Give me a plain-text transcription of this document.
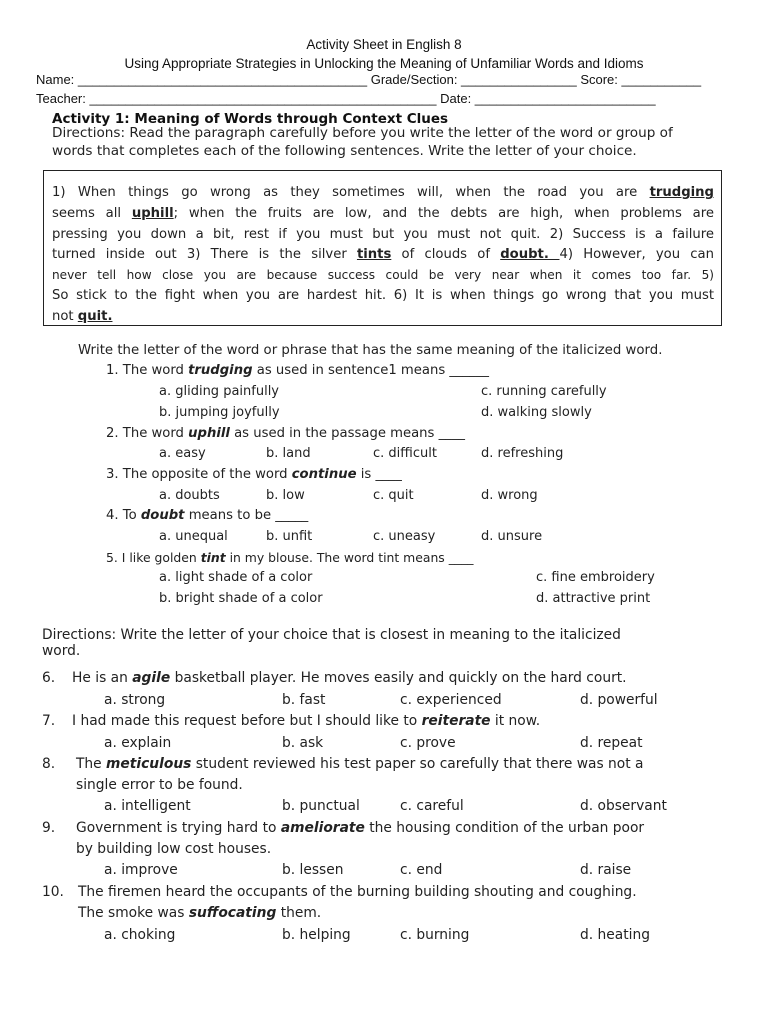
Activity Sheet in English 8
Using Appropriate Strategies in Unlocking the Meaning of Unfamiliar Words and Idioms
Name: ________________________________________ Grade/Section: ________________ Score: ___________
Teacher: ________________________________________________ Date: _________________________
Activity 1: Meaning of Words through Context Clues
Directions: Read the paragraph carefully before you write the letter of the word or group of
words that completes each of the following sentences. Write the letter of your choice.
1) When things go wrong as they sometimes will, when the road you are trudging
seems all uphill; when the fruits are low, and the debts are high, when problems are
pressing you down a bit, rest if you must but you must not quit. 2) Success is a failure
turned inside out 3) There is the silver tints of clouds of doubt. 4) However, you can
never tell how close you are because success could be very near when it comes too far. 5)
So stick to the fight when you are hardest hit. 6) It is when things go wrong that you must
not quit.
Write the letter of the word or phrase that has the same meaning of the italicized word.
1. The word trudging as used in sentence1 means ______
a. gliding painfully	c. running carefully
b. jumping joyfully	d. walking slowly
2. The word uphill as used in the passage means ____
a. easy	b. land	c. difficult	d. refreshing
3. The opposite of the word continue is ____
a. doubts	b. low	c. quit	d. wrong
4. To doubt means to be _____
a. unequal	b. unfit	c. uneasy	d. unsure
5. I like golden tint in my blouse. The word tint means ____
a. light shade of a color	c. fine embroidery
b. bright shade of a color	d. attractive print
Directions: Write the letter of your choice that is closest in meaning to the italicized
word.
6. He is an agile basketball player. He moves easily and quickly on the hard court.
a. strong	b. fast	c. experienced	d. powerful
7. I had made this request before but I should like to reiterate it now.
a. explain	b. ask	c. prove	d. repeat
8. The meticulous student reviewed his test paper so carefully that there was not a
single error to be found.
a. intelligent	b. punctual	c. careful	d. observant
9. Government is trying hard to ameliorate the housing condition of the urban poor
by building low cost houses.
a. improve	b. lessen	c. end	d. raise
10. The firemen heard the occupants of the burning building shouting and coughing.
The smoke was suffocating them.
a. choking	b. helping	c. burning	d. heating
